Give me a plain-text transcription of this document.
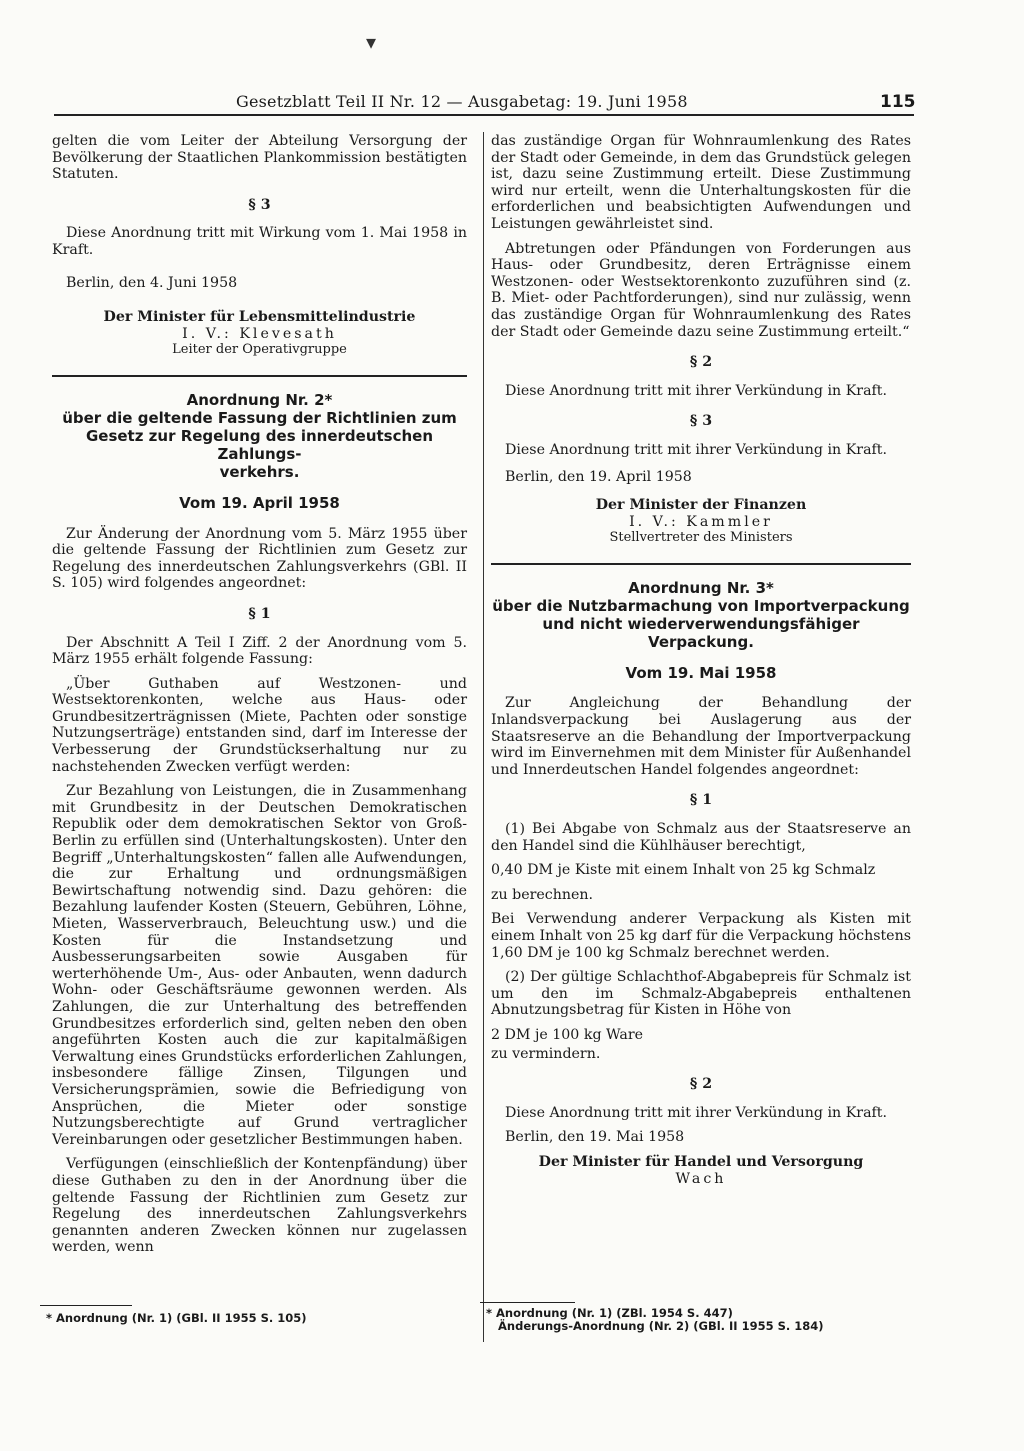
▾
Gesetzblatt Teil II Nr. 12 — Ausgabetag: 19. Juni 1958	115

gelten die vom Leiter der Abteilung Versorgung der Bevölkerung der Staatlichen Plankommission bestätigten Statuten.

§ 3

Diese Anordnung tritt mit Wirkung vom 1. Mai 1958 in Kraft.

Berlin, den 4. Juni 1958

Der Minister für Lebensmittelindustrie
I. V.: Klevesath
Leiter der Operativgruppe
Anordnung Nr. 2*
über die geltende Fassung der Richtlinien zum
Gesetz zur Regelung des innerdeutschen Zahlungs-
verkehrs.
Vom 19. April 1958

Zur Änderung der Anordnung vom 5. März 1955 über die geltende Fassung der Richtlinien zum Gesetz zur Regelung des innerdeutschen Zahlungsverkehrs (GBl. II S. 105) wird folgendes angeordnet:

§ 1

Der Abschnitt A Teil I Ziff. 2 der Anordnung vom 5. März 1955 erhält folgende Fassung:

„Über Guthaben auf Westzonen- und Westsektorenkonten, welche aus Haus- oder Grundbesitzerträgnissen (Miete, Pachten oder sonstige Nutzungserträge) entstanden sind, darf im Interesse der Verbesserung der Grundstückserhaltung nur zu nachstehenden Zwecken verfügt werden:

Zur Bezahlung von Leistungen, die in Zusammenhang mit Grundbesitz in der Deutschen Demokratischen Republik oder dem demokratischen Sektor von Groß-Berlin zu erfüllen sind (Unterhaltungskosten). Unter den Begriff „Unterhaltungskosten“ fallen alle Aufwendungen, die zur Erhaltung und ordnungsmäßigen Bewirtschaftung notwendig sind. Dazu gehören: die Bezahlung laufender Kosten (Steuern, Gebühren, Löhne, Mieten, Wasserverbrauch, Beleuchtung usw.) und die Kosten für die Instandsetzung und Ausbesserungsarbeiten sowie Ausgaben für werterhöhende Um-, Aus- oder Anbauten, wenn dadurch Wohn- oder Geschäftsräume gewonnen werden. Als Zahlungen, die zur Unterhaltung des betreffenden Grundbesitzes erforderlich sind, gelten neben den oben angeführten Kosten auch die zur kapitalmäßigen Verwaltung eines Grundstücks erforderlichen Zahlungen, insbesondere fällige Zinsen, Tilgungen und Versicherungsprämien, sowie die Befriedigung von Ansprüchen, die Mieter oder sonstige Nutzungsberechtigte auf Grund vertraglicher Vereinbarungen oder gesetzlicher Bestimmungen haben.

Verfügungen (einschließlich der Kontenpfändung) über diese Guthaben zu den in der Anordnung über die geltende Fassung der Richtlinien zum Gesetz zur Regelung des innerdeutschen Zahlungsverkehrs genannten anderen Zwecken können nur zugelassen werden, wenn

* Anordnung (Nr. 1) (GBl. II 1955 S. 105)

das zuständige Organ für Wohnraumlenkung des Rates der Stadt oder Gemeinde, in dem das Grundstück gelegen ist, dazu seine Zustimmung erteilt. Diese Zustimmung wird nur erteilt, wenn die Unterhaltungskosten für die erforderlichen und beabsichtigten Aufwendungen und Leistungen gewährleistet sind.

Abtretungen oder Pfändungen von Forderungen aus Haus- oder Grundbesitz, deren Erträgnisse einem Westzonen- oder Westsektorenkonto zuzuführen sind (z. B. Miet- oder Pachtforderungen), sind nur zulässig, wenn das zuständige Organ für Wohnraumlenkung des Rates der Stadt oder Gemeinde dazu seine Zustimmung erteilt.“

§ 2

Diese Anordnung tritt mit ihrer Verkündung in Kraft.

§ 3

Diese Anordnung tritt mit ihrer Verkündung in Kraft.

Berlin, den 19. April 1958

Der Minister der Finanzen
I. V.: Kammler
Stellvertreter des Ministers
Anordnung Nr. 3*
über die Nutzbarmachung von Importverpackung
und nicht wiederverwendungsfähiger Verpackung.
Vom 19. Mai 1958

Zur Angleichung der Behandlung der Inlandsverpackung bei Auslagerung aus der Staatsreserve an die Behandlung der Importverpackung wird im Einvernehmen mit dem Minister für Außenhandel und Innerdeutschen Handel folgendes angeordnet:

§ 1

(1) Bei Abgabe von Schmalz aus der Staatsreserve an den Handel sind die Kühlhäuser berechtigt,

0,40 DM je Kiste mit einem Inhalt von 25 kg Schmalz

zu berechnen.

Bei Verwendung anderer Verpackung als Kisten mit einem Inhalt von 25 kg darf für die Verpackung höchstens 1,60 DM je 100 kg Schmalz berechnet werden.

(2) Der gültige Schlachthof-Abgabepreis für Schmalz ist um den im Schmalz-Abgabepreis enthaltenen Abnutzungsbetrag für Kisten in Höhe von

2 DM je 100 kg Ware

zu vermindern.

§ 2

Diese Anordnung tritt mit ihrer Verkündung in Kraft.

Berlin, den 19. Mai 1958

Der Minister für Handel und Versorgung
Wach
* Anordnung (Nr. 1) (ZBl. 1954 S. 447)
Änderungs-Anordnung (Nr. 2) (GBl. II 1955 S. 184)
